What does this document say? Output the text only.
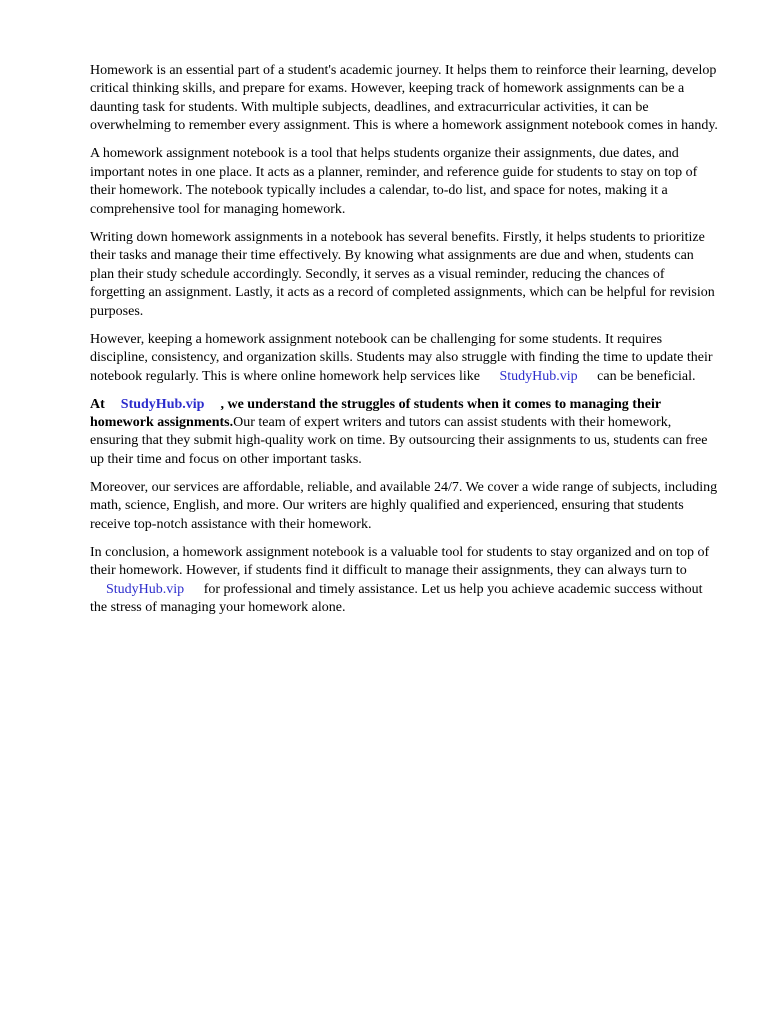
Homework is an essential part of a student's academic journey. It helps them to reinforce their learning, develop critical thinking skills, and prepare for exams. However, keeping track of homework assignments can be a daunting task for students. With multiple subjects, deadlines, and extracurricular activities, it can be overwhelming to remember every assignment. This is where a homework assignment notebook comes in handy.

A homework assignment notebook is a tool that helps students organize their assignments, due dates, and important notes in one place. It acts as a planner, reminder, and reference guide for students to stay on top of their homework. The notebook typically includes a calendar, to-do list, and space for notes, making it a comprehensive tool for managing homework.

Writing down homework assignments in a notebook has several benefits. Firstly, it helps students to prioritize their tasks and manage their time effectively. By knowing what assignments are due and when, students can plan their study schedule accordingly. Secondly, it serves as a visual reminder, reducing the chances of forgetting an assignment. Lastly, it acts as a record of completed assignments, which can be helpful for revision purposes.

However, keeping a homework assignment notebook can be challenging for some students. It requires discipline, consistency, and organization skills. Students may also struggle with finding the time to update their notebook regularly. This is where online homework help services like StudyHub.vip can be beneficial.

At StudyHub.vip , we understand the struggles of students when it comes to managing their homework assignments.Our team of expert writers and tutors can assist students with their homework, ensuring that they submit high-quality work on time. By outsourcing their assignments to us, students can free up their time and focus on other important tasks.

Moreover, our services are affordable, reliable, and available 24/7. We cover a wide range of subjects, including math, science, English, and more. Our writers are highly qualified and experienced, ensuring that students receive top-notch assistance with their homework.

In conclusion, a homework assignment notebook is a valuable tool for students to stay organized and on top of their homework. However, if students find it difficult to manage their assignments, they can always turn to StudyHub.vip for professional and timely assistance. Let us help you achieve academic success without the stress of managing your homework alone.
